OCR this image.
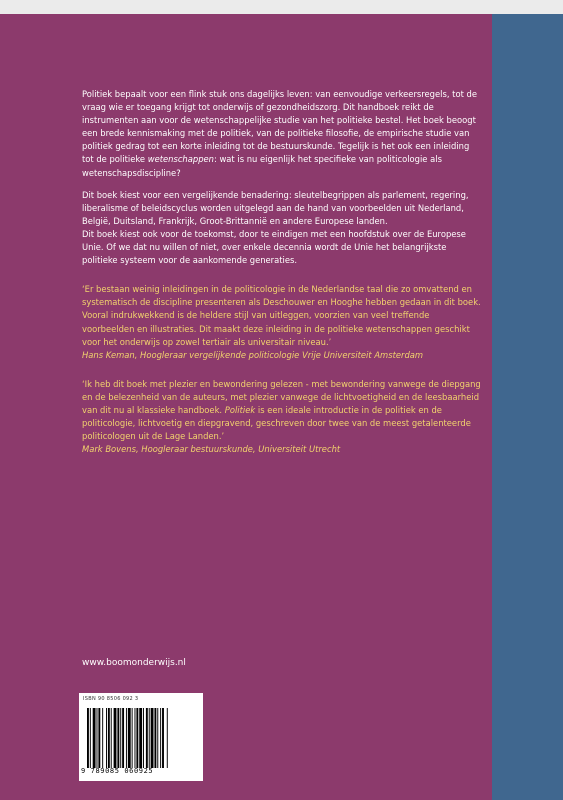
Politiek bepaalt voor een flink stuk ons dagelijks leven: van eenvoudige verkeersregels, tot de vraag wie er toegang krijgt tot onderwijs of gezondheidszorg. Dit handboek reikt de instrumenten aan voor de wetenschappelijke studie van het politieke bestel. Het boek beoogt een brede kennismaking met de politiek, van de politieke filosofie, de empirische studie van politiek gedrag tot een korte inleiding tot de bestuurskunde. Tegelijk is het ook een inleiding tot de politieke wetenschappen: wat is nu eigenlijk het specifieke van politicologie als wetenschapsdiscipline?

Dit boek kiest voor een vergelijkende benadering: sleutelbegrippen als parlement, regering, liberalisme of beleidscyclus worden uitgelegd aan de hand van voorbeelden uit Nederland, België, Duitsland, Frankrijk, Groot-Brittannië en andere Europese landen.

Dit boek kiest ook voor de toekomst, door te eindigen met een hoofdstuk over de Europese Unie. Of we dat nu willen of niet, over enkele decennia wordt de Unie het belangrijkste politieke systeem voor de aankomende generaties.

‘Er bestaan weinig inleidingen in de politicologie in de Nederlandse taal die zo omvattend en systematisch de discipline presenteren als Deschouwer en Hooghe hebben gedaan in dit boek. Vooral indrukwekkend is de heldere stijl van uitleggen, voorzien van veel treffende voorbeelden en illustraties. Dit maakt deze inleiding in de politieke wetenschappen geschikt voor het onderwijs op zowel tertiair als universitair niveau.’

Hans Keman, Hoogleraar vergelijkende politicologie Vrije Universiteit Amsterdam

‘Ik heb dit boek met plezier en bewondering gelezen - met bewondering vanwege de diepgang en de belezenheid van de auteurs, met plezier vanwege de lichtvoetigheid en de leesbaarheid van dit nu al klassieke handboek. Politiek is een ideale introductie in de politiek en de politicologie, lichtvoetig en diepgravend, geschreven door twee van de meest getalenteerde politicologen uit de Lage Landen.’

Mark Bovens, Hoogleraar bestuurskunde, Universiteit Utrecht

www.boomonderwijs.nl
ISBN 90 8506 092 3
9 789085 060925
